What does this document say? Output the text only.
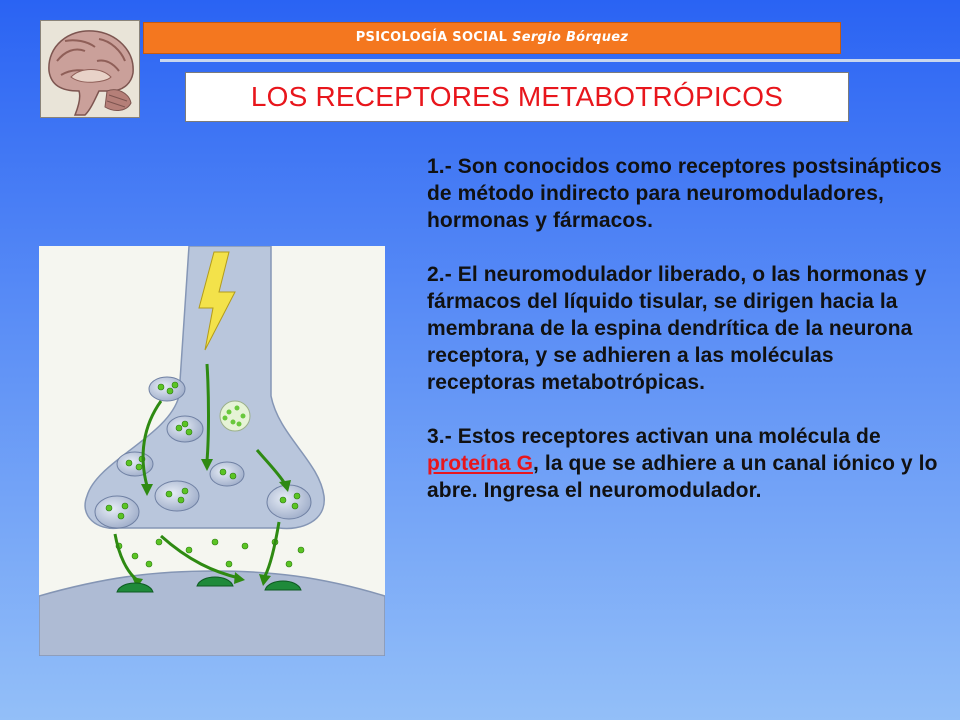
PSICOLOGÍA SOCIAL Sergio Bórquez
LOS RECEPTORES METABOTRÓPICOS

1.- Son conocidos como receptores postsinápticos de método indirecto para neuromoduladores, hormonas y fármacos.

2.- El neuromodulador liberado, o las hormonas y fármacos del líquido tisular, se dirigen hacia la membrana de la espina dendrítica de la neurona receptora, y se adhieren a las moléculas receptoras metabotrópicas.

3.- Estos receptores activan una molécula de proteína G, la que se adhiere a un canal iónico y lo abre. Ingresa el neuromodulador.
